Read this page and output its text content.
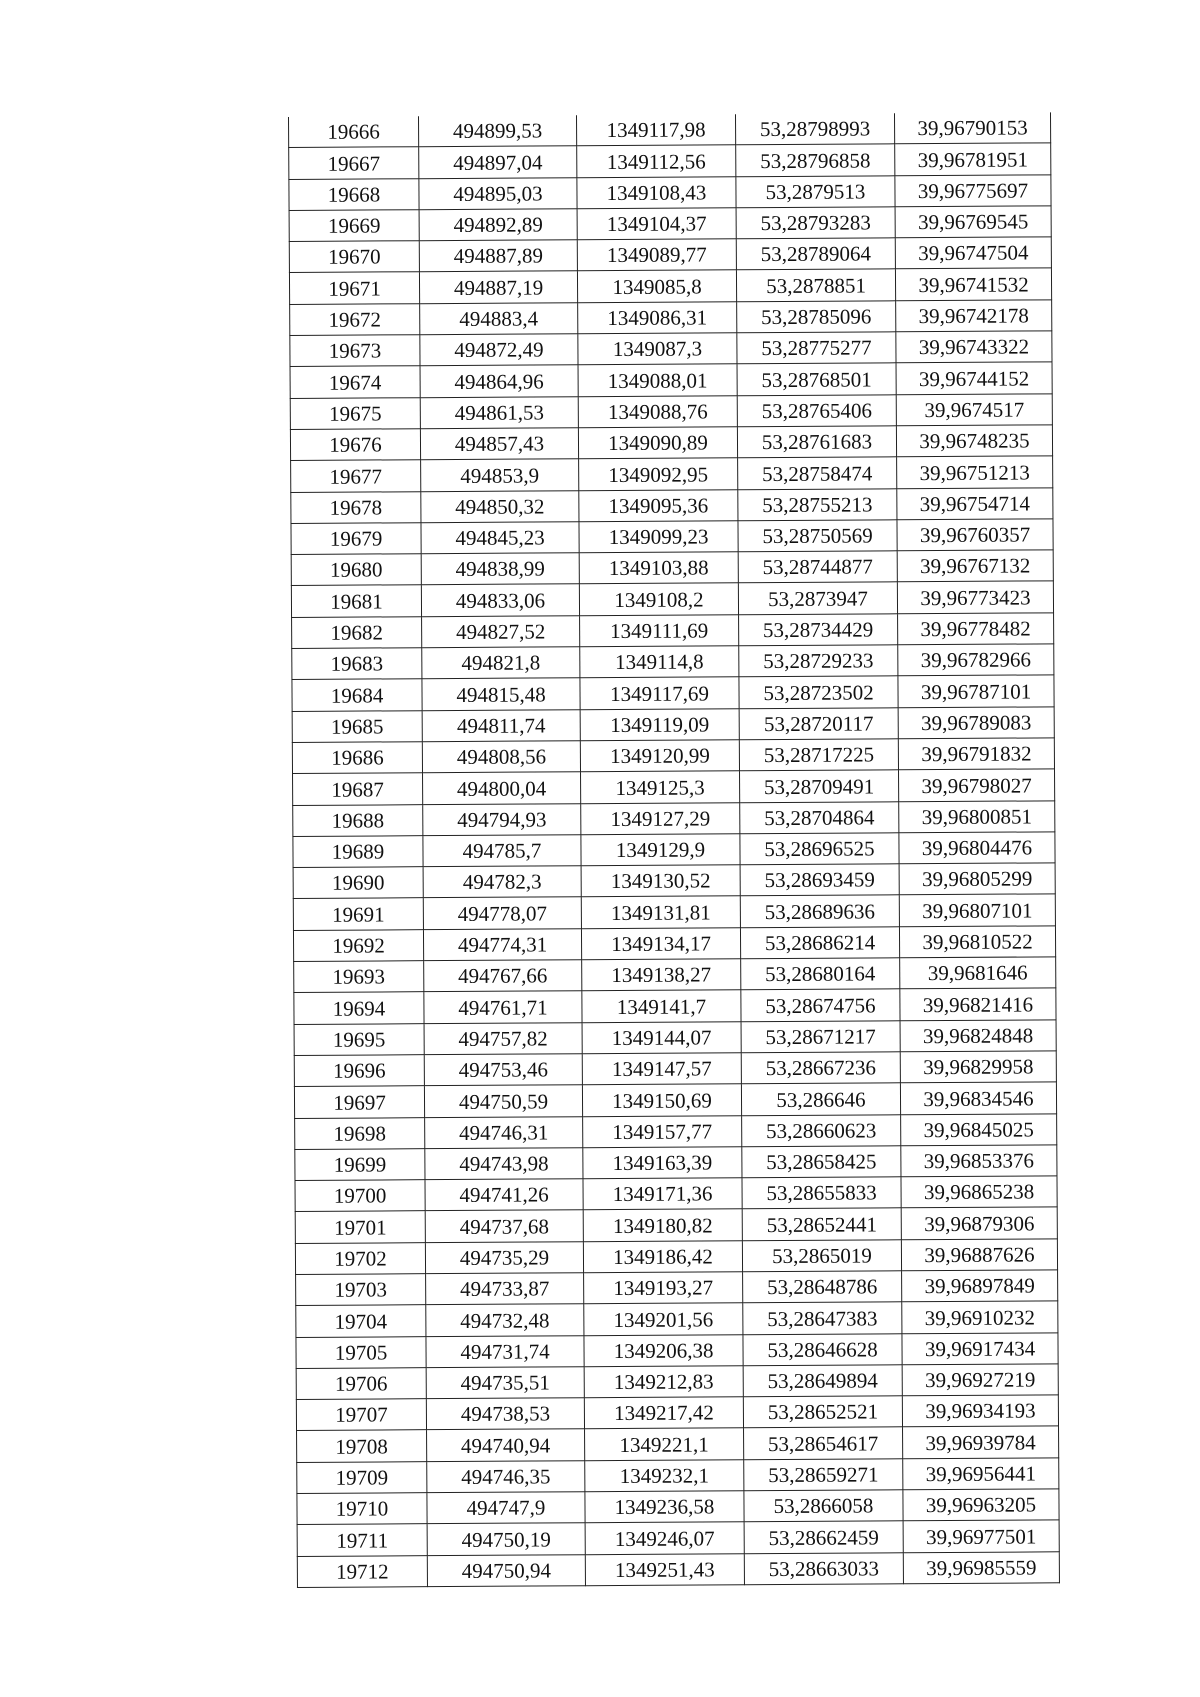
19666	494899,53	1349117,98	53,28798993	39,96790153
19667	494897,04	1349112,56	53,28796858	39,96781951
19668	494895,03	1349108,43	53,2879513	39,96775697
19669	494892,89	1349104,37	53,28793283	39,96769545
19670	494887,89	1349089,77	53,28789064	39,96747504
19671	494887,19	1349085,8	53,2878851	39,96741532
19672	494883,4	1349086,31	53,28785096	39,96742178
19673	494872,49	1349087,3	53,28775277	39,96743322
19674	494864,96	1349088,01	53,28768501	39,96744152
19675	494861,53	1349088,76	53,28765406	39,9674517
19676	494857,43	1349090,89	53,28761683	39,96748235
19677	494853,9	1349092,95	53,28758474	39,96751213
19678	494850,32	1349095,36	53,28755213	39,96754714
19679	494845,23	1349099,23	53,28750569	39,96760357
19680	494838,99	1349103,88	53,28744877	39,96767132
19681	494833,06	1349108,2	53,2873947	39,96773423
19682	494827,52	1349111,69	53,28734429	39,96778482
19683	494821,8	1349114,8	53,28729233	39,96782966
19684	494815,48	1349117,69	53,28723502	39,96787101
19685	494811,74	1349119,09	53,28720117	39,96789083
19686	494808,56	1349120,99	53,28717225	39,96791832
19687	494800,04	1349125,3	53,28709491	39,96798027
19688	494794,93	1349127,29	53,28704864	39,96800851
19689	494785,7	1349129,9	53,28696525	39,96804476
19690	494782,3	1349130,52	53,28693459	39,96805299
19691	494778,07	1349131,81	53,28689636	39,96807101
19692	494774,31	1349134,17	53,28686214	39,96810522
19693	494767,66	1349138,27	53,28680164	39,9681646
19694	494761,71	1349141,7	53,28674756	39,96821416
19695	494757,82	1349144,07	53,28671217	39,96824848
19696	494753,46	1349147,57	53,28667236	39,96829958
19697	494750,59	1349150,69	53,286646	39,96834546
19698	494746,31	1349157,77	53,28660623	39,96845025
19699	494743,98	1349163,39	53,28658425	39,96853376
19700	494741,26	1349171,36	53,28655833	39,96865238
19701	494737,68	1349180,82	53,28652441	39,96879306
19702	494735,29	1349186,42	53,2865019	39,96887626
19703	494733,87	1349193,27	53,28648786	39,96897849
19704	494732,48	1349201,56	53,28647383	39,96910232
19705	494731,74	1349206,38	53,28646628	39,96917434
19706	494735,51	1349212,83	53,28649894	39,96927219
19707	494738,53	1349217,42	53,28652521	39,96934193
19708	494740,94	1349221,1	53,28654617	39,96939784
19709	494746,35	1349232,1	53,28659271	39,96956441
19710	494747,9	1349236,58	53,2866058	39,96963205
19711	494750,19	1349246,07	53,28662459	39,96977501
19712	494750,94	1349251,43	53,28663033	39,96985559
